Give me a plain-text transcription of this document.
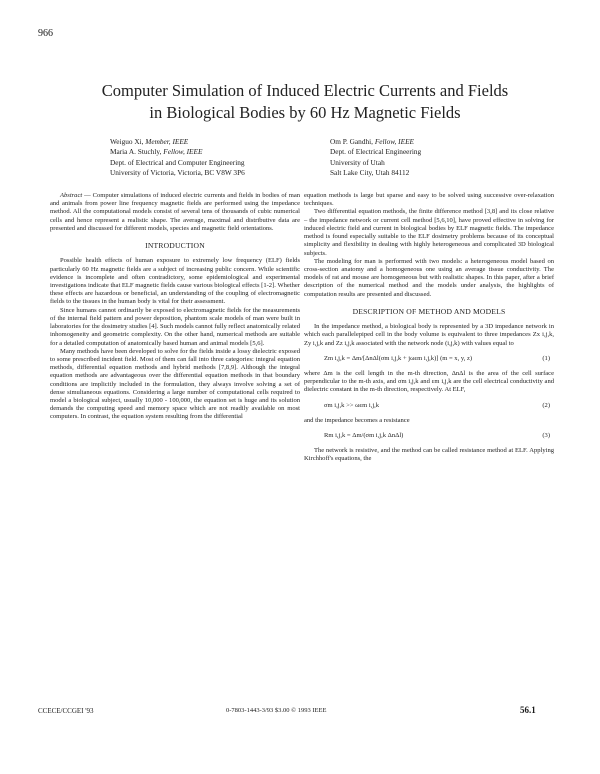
966
Computer Simulation of Induced Electric Currents and Fields
in Biological Bodies by 60 Hz Magnetic Fields
Weiguo Xi, Member, IEEE
Maria A. Stuchly, Fellow, IEEE
Dept. of Electrical and Computer Engineering
University of Victoria, Victoria, BC V8W 3P6
Om P. Gandhi, Fellow, IEEE
Dept. of Electrical Engineering
University of Utah
Salt Lake City, Utah 84112

Abstract — Computer simulations of induced electric currents and fields in bodies of man and animals from power line frequency magnetic fields are performed using the impedance method. All the computational models consist of several tens of thousands of cubic numerical cells and hence represent a realistic shape. The average, maximal and distributive data are presented and discussed for different models, species and magnetic field orientations.

INTRODUCTION

Possible health effects of human exposure to extremely low frequency (ELF) fields particularly 60 Hz magnetic fields are a subject of increasing public concern. While scientific evidence is incomplete and often contradictory, some epidemiological and experimental investigations indicate that ELF magnetic fields cause various biological effects [1-2]. Whether these effects are hazardous or beneficial, an understanding of the coupling of electromagnetic fields to the tissues in the human body is vital for their assessment.

Since humans cannot ordinarily be exposed to electromagnetic fields for the measurements of the internal field pattern and power deposition, phantom scale models of man were built in laboratories for the dosimetry studies [4]. Such models cannot fully reflect anatomically related inhomogeneity and geometric complexity. On the other hand, numerical methods are suitable for a detailed computation of anatomically based human and animal models [5,6].

Many methods have been developed to solve for the fields inside a lossy dielectric exposed to some prescribed incident field. Most of them can fall into three categories: integral equation methods, differential equation methods and hybrid methods [7,8,9]. Although the integral equation methods are advantageous over the differential equation methods in that boundary conditions are implicitly included in the formulation, they always involve solving a set of dense simultaneous equations. Considering a large number of computational cells required to model a biological subject, usually 10,000 - 100,000, the equation set is huge and its solution demands the computing speed and memory space which are not readily available on most computers. In contrast, the equation system resulting from the differential

equation methods is large but sparse and easy to be solved using successive over-relaxation techniques.

Two differential equation methods, the finite difference method [3,8] and its close relative – the impedance network or current cell method [5,6,10], have proved effective in solving for induced electric field and current in biological bodies by ELF magnetic fields. The impedance method is found especially suitable to the ELF dosimetry problems because of its conceptual simplicity and flexibility in dealing with highly heterogeneous and complicated 3D biological subjects.

The modeling for man is performed with two models: a heterogeneous model based on cross-section anatomy and a homogeneous one using an average tissue conductivity. The models of rat and mouse are homogeneous but with realistic shapes. In this paper, after a brief description of the numerical method and the models under analysis, the highlights of computation results are presented and discussed.

DESCRIPTION OF METHOD AND MODELS

In the impedance method, a biological body is represented by a 3D impedance network in which each parallelepiped cell in the body volume is equivalent to three impedances Zx i,j,k, Zy i,j,k and Zz i,j,k associated with the network node (i,j,k) with values equal to

Zm i,j,k = Δm/[ΔnΔl(σm i,j,k + jωεm i,j,k)] (m = x, y, z)	(1)

where Δm is the cell length in the m-th direction, ΔnΔl is the area of the cell surface perpendicular to the m-th axis, and σm i,j,k and εm i,j,k are the cell electrical conductivity and dielectric constant in the m-th direction, respectively. At ELF,

σm i,j,k >> ωεm i,j,k	(2)

and the impedance becomes a resistance

Rm i,j,k = Δm/(σm i,j,k ΔnΔl)	(3)

The network is resistive, and the method can be called resistance method at ELF. Applying Kirchhoff's equations, the

CCECE/CCGEI '93	0-7803-1443-3/93 $3.00 © 1993 IEEE	56.1
